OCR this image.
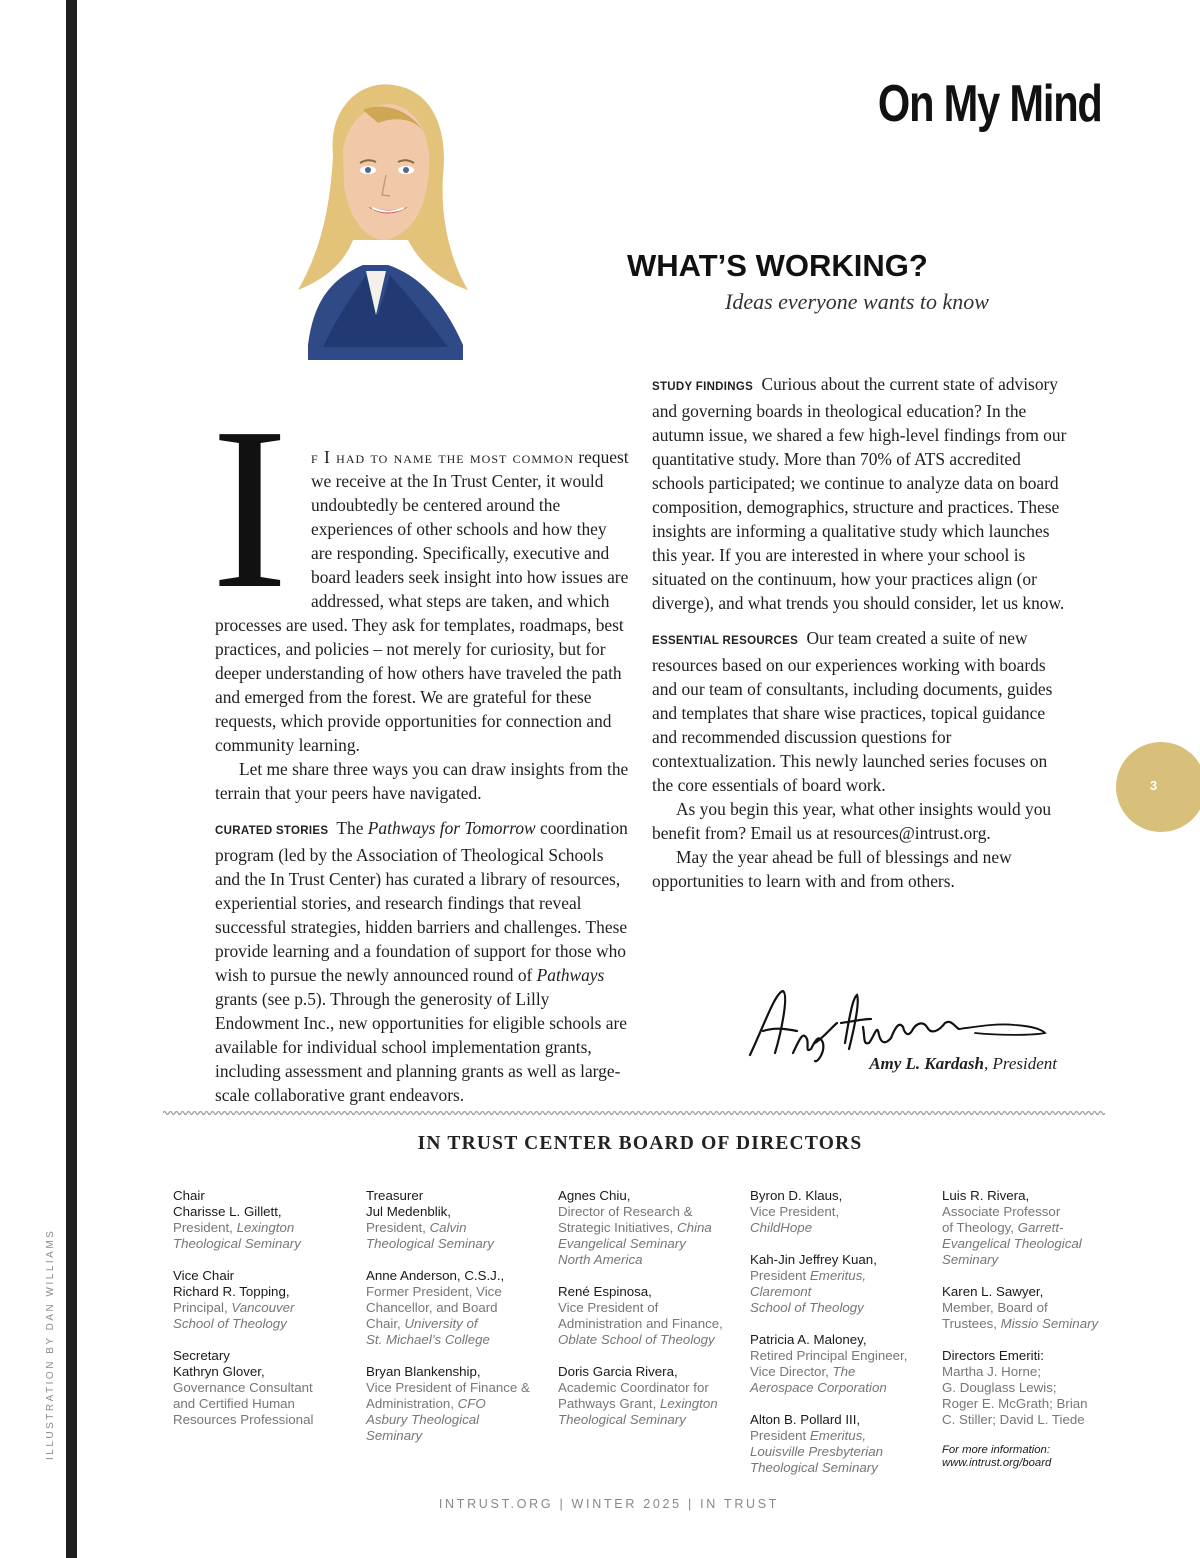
ILLUSTRATION BY DAN WILLIAMS
On My Mind
WHAT’S WORKING?
Ideas everyone wants to know
I	f I had to name the most common request we receive at the In Trust Center, it would undoubtedly be centered around the experiences of other schools and how they are responding. Specifically, executive and board leaders seek insight into how issues are addressed, what steps are taken, and which processes are used. They ask for templates, roadmaps, best practices, and policies – not merely for curiosity, but for deeper understanding of how others have traveled the path and emerged from the forest. We are grateful for these requests, which provide opportunities for connection and community learning.

Let me share three ways you can draw insights from the terrain that your peers have navigated.

CURATED STORIES The Pathways for Tomorrow coordination program (led by the Association of Theological Schools and the In Trust Center) has curated a library of resources, experiential stories, and research findings that reveal successful strategies, hidden barriers and challenges. These provide learning and a foundation of support for those who wish to pursue the newly announced round of Pathways grants (see p.5). Through the generosity of Lilly Endowment Inc., new opportunities for eligible schools are available for individual school implementation grants, including assessment and planning grants as well as large-scale collaborative grant endeavors.

STUDY FINDINGS Curious about the current state of advisory and governing boards in theological education? In the autumn issue, we shared a few high-level findings from our quantitative study. More than 70% of ATS accredited schools participated; we continue to analyze data on board composition, demographics, structure and practices. These insights are informing a qualitative study which launches this year. If you are interested in where your school is situated on the continuum, how your practices align (or diverge), and what trends you should consider, let us know.

ESSENTIAL RESOURCES Our team created a suite of new resources based on our experiences working with boards and our team of consultants, including documents, guides and templates that share wise practices, topical guidance and recommended discussion questions for contextualization. This newly launched series focuses on the core essentials of board work.

As you begin this year, what other insights would you benefit from? Email us at resources@intrust.org.

May the year ahead be full of blessings and new opportunities to learn with and from others.

Amy L. Kardash, President
IN TRUST CENTER BOARD OF DIRECTORS
Chair
Charisse L. Gillett,
President, Lexington
Theological Seminary
Vice Chair
Richard R. Topping,
Principal, Vancouver
School of Theology
Secretary
Kathryn Glover,
Governance Consultant
and Certified Human
Resources Professional
Treasurer
Jul Medenblik,
President, Calvin
Theological Seminary
Anne Anderson, C.S.J.,
Former President, Vice
Chancellor, and Board
Chair, University of
St. Michael’s College
Bryan Blankenship,
Vice President of Finance &
Administration, CFO
Asbury Theological
Seminary
Agnes Chiu,
Director of Research &
Strategic Initiatives, China
Evangelical Seminary
North America
René Espinosa,
Vice President of
Administration and Finance,
Oblate School of Theology
Doris Garcia Rivera,
Academic Coordinator for
Pathways Grant, Lexington
Theological Seminary
Byron D. Klaus,
Vice President,
ChildHope
Kah-Jin Jeffrey Kuan,
President Emeritus,
Claremont
School of Theology
Patricia A. Maloney,
Retired Principal Engineer,
Vice Director, The
Aerospace Corporation
Alton B. Pollard III,
President Emeritus,
Louisville Presbyterian
Theological Seminary
Luis R. Rivera,
Associate Professor
of Theology, Garrett-
Evangelical Theological
Seminary
Karen L. Sawyer,
Member, Board of
Trustees, Missio Seminary
Directors Emeriti:
Martha J. Horne;
G. Douglass Lewis;
Roger E. McGrath; Brian
C. Stiller; David L. Tiede
For more information:
www.intrust.org/board
INTRUST.ORG | WINTER 2025 | IN TRUST
3
